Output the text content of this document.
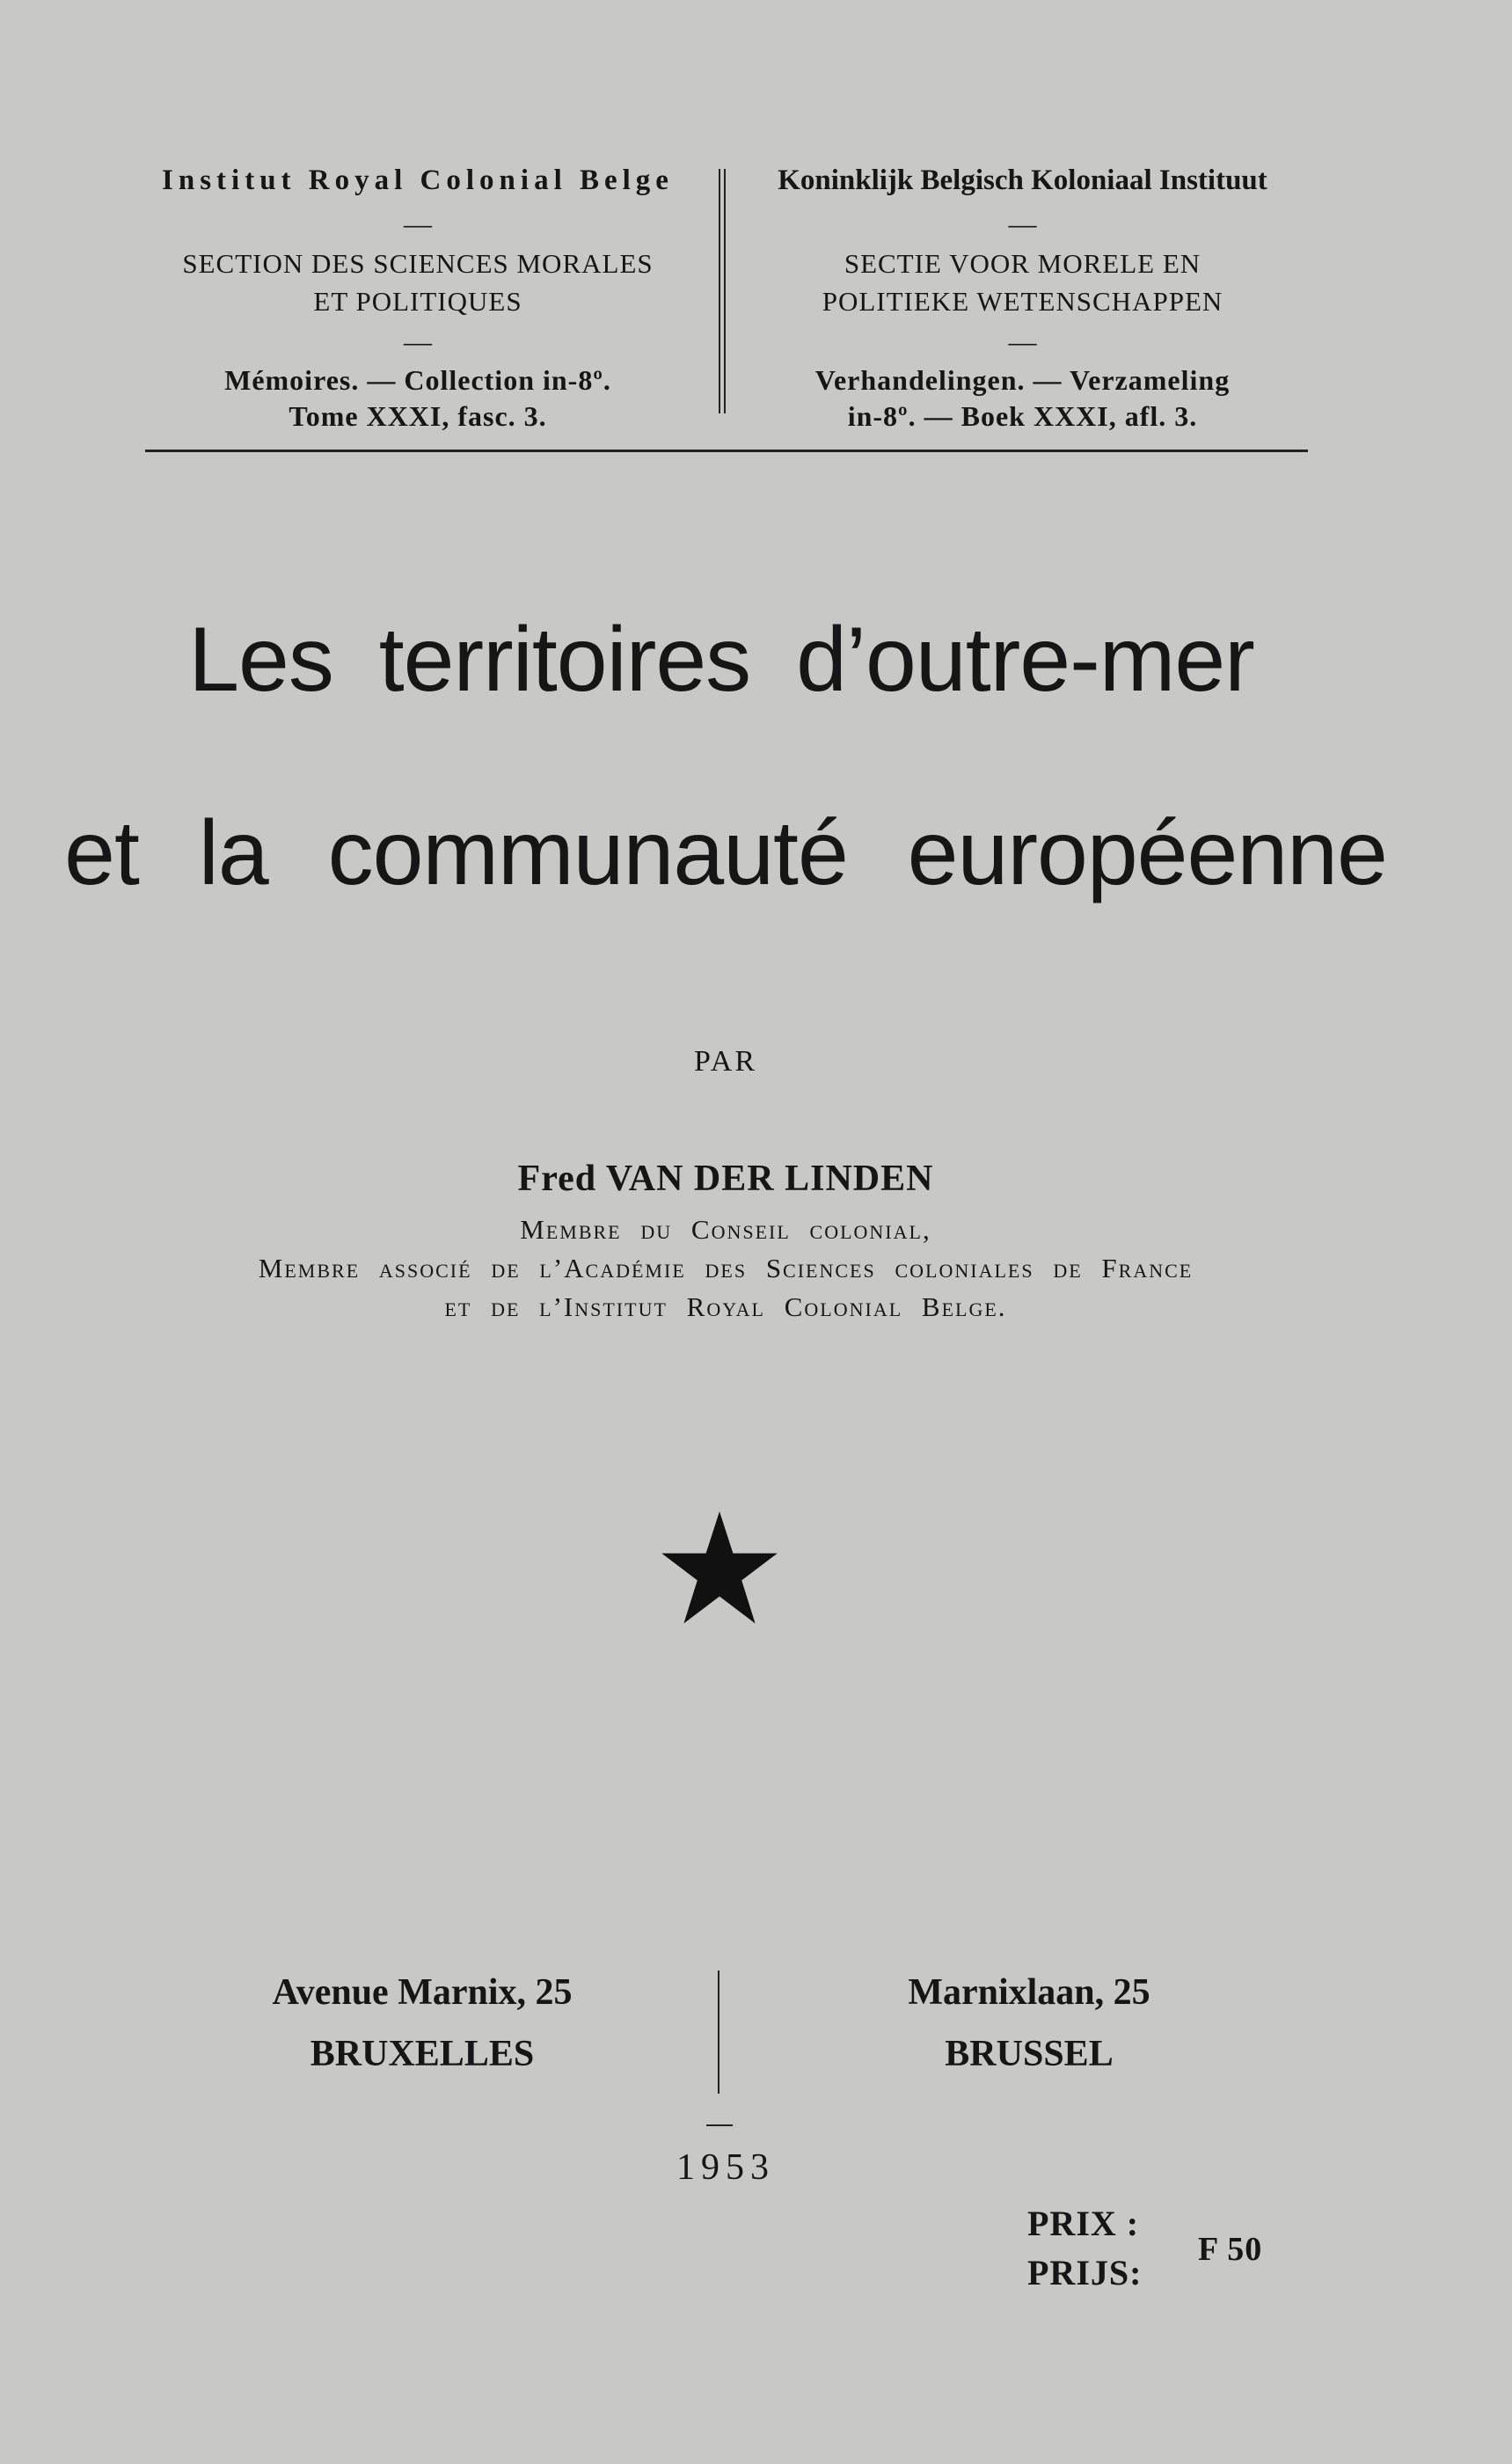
Institut Royal Colonial Belge
—
SECTION DES SCIENCES MORALES
ET POLITIQUES
—
Mémoires. — Collection in-8º.
Tome XXXI, fasc. 3.
Koninklijk Belgisch Koloniaal Instituut
—
SECTIE VOOR MORELE EN
POLITIEKE WETENSCHAPPEN
—
Verhandelingen. — Verzameling
in-8º. — Boek XXXI, afl. 3.
Les territoires d’outre-mer
et la communauté européenne
PAR
Fred VAN DER LINDEN
Membre du Conseil colonial,
Membre associé de l’Académie des Sciences coloniales de France
et de l’Institut Royal Colonial Belge.
Avenue Marnix, 25
BRUXELLES
Marnixlaan, 25
BRUSSEL
1953
PRIX :
PRIJS:
F 50
